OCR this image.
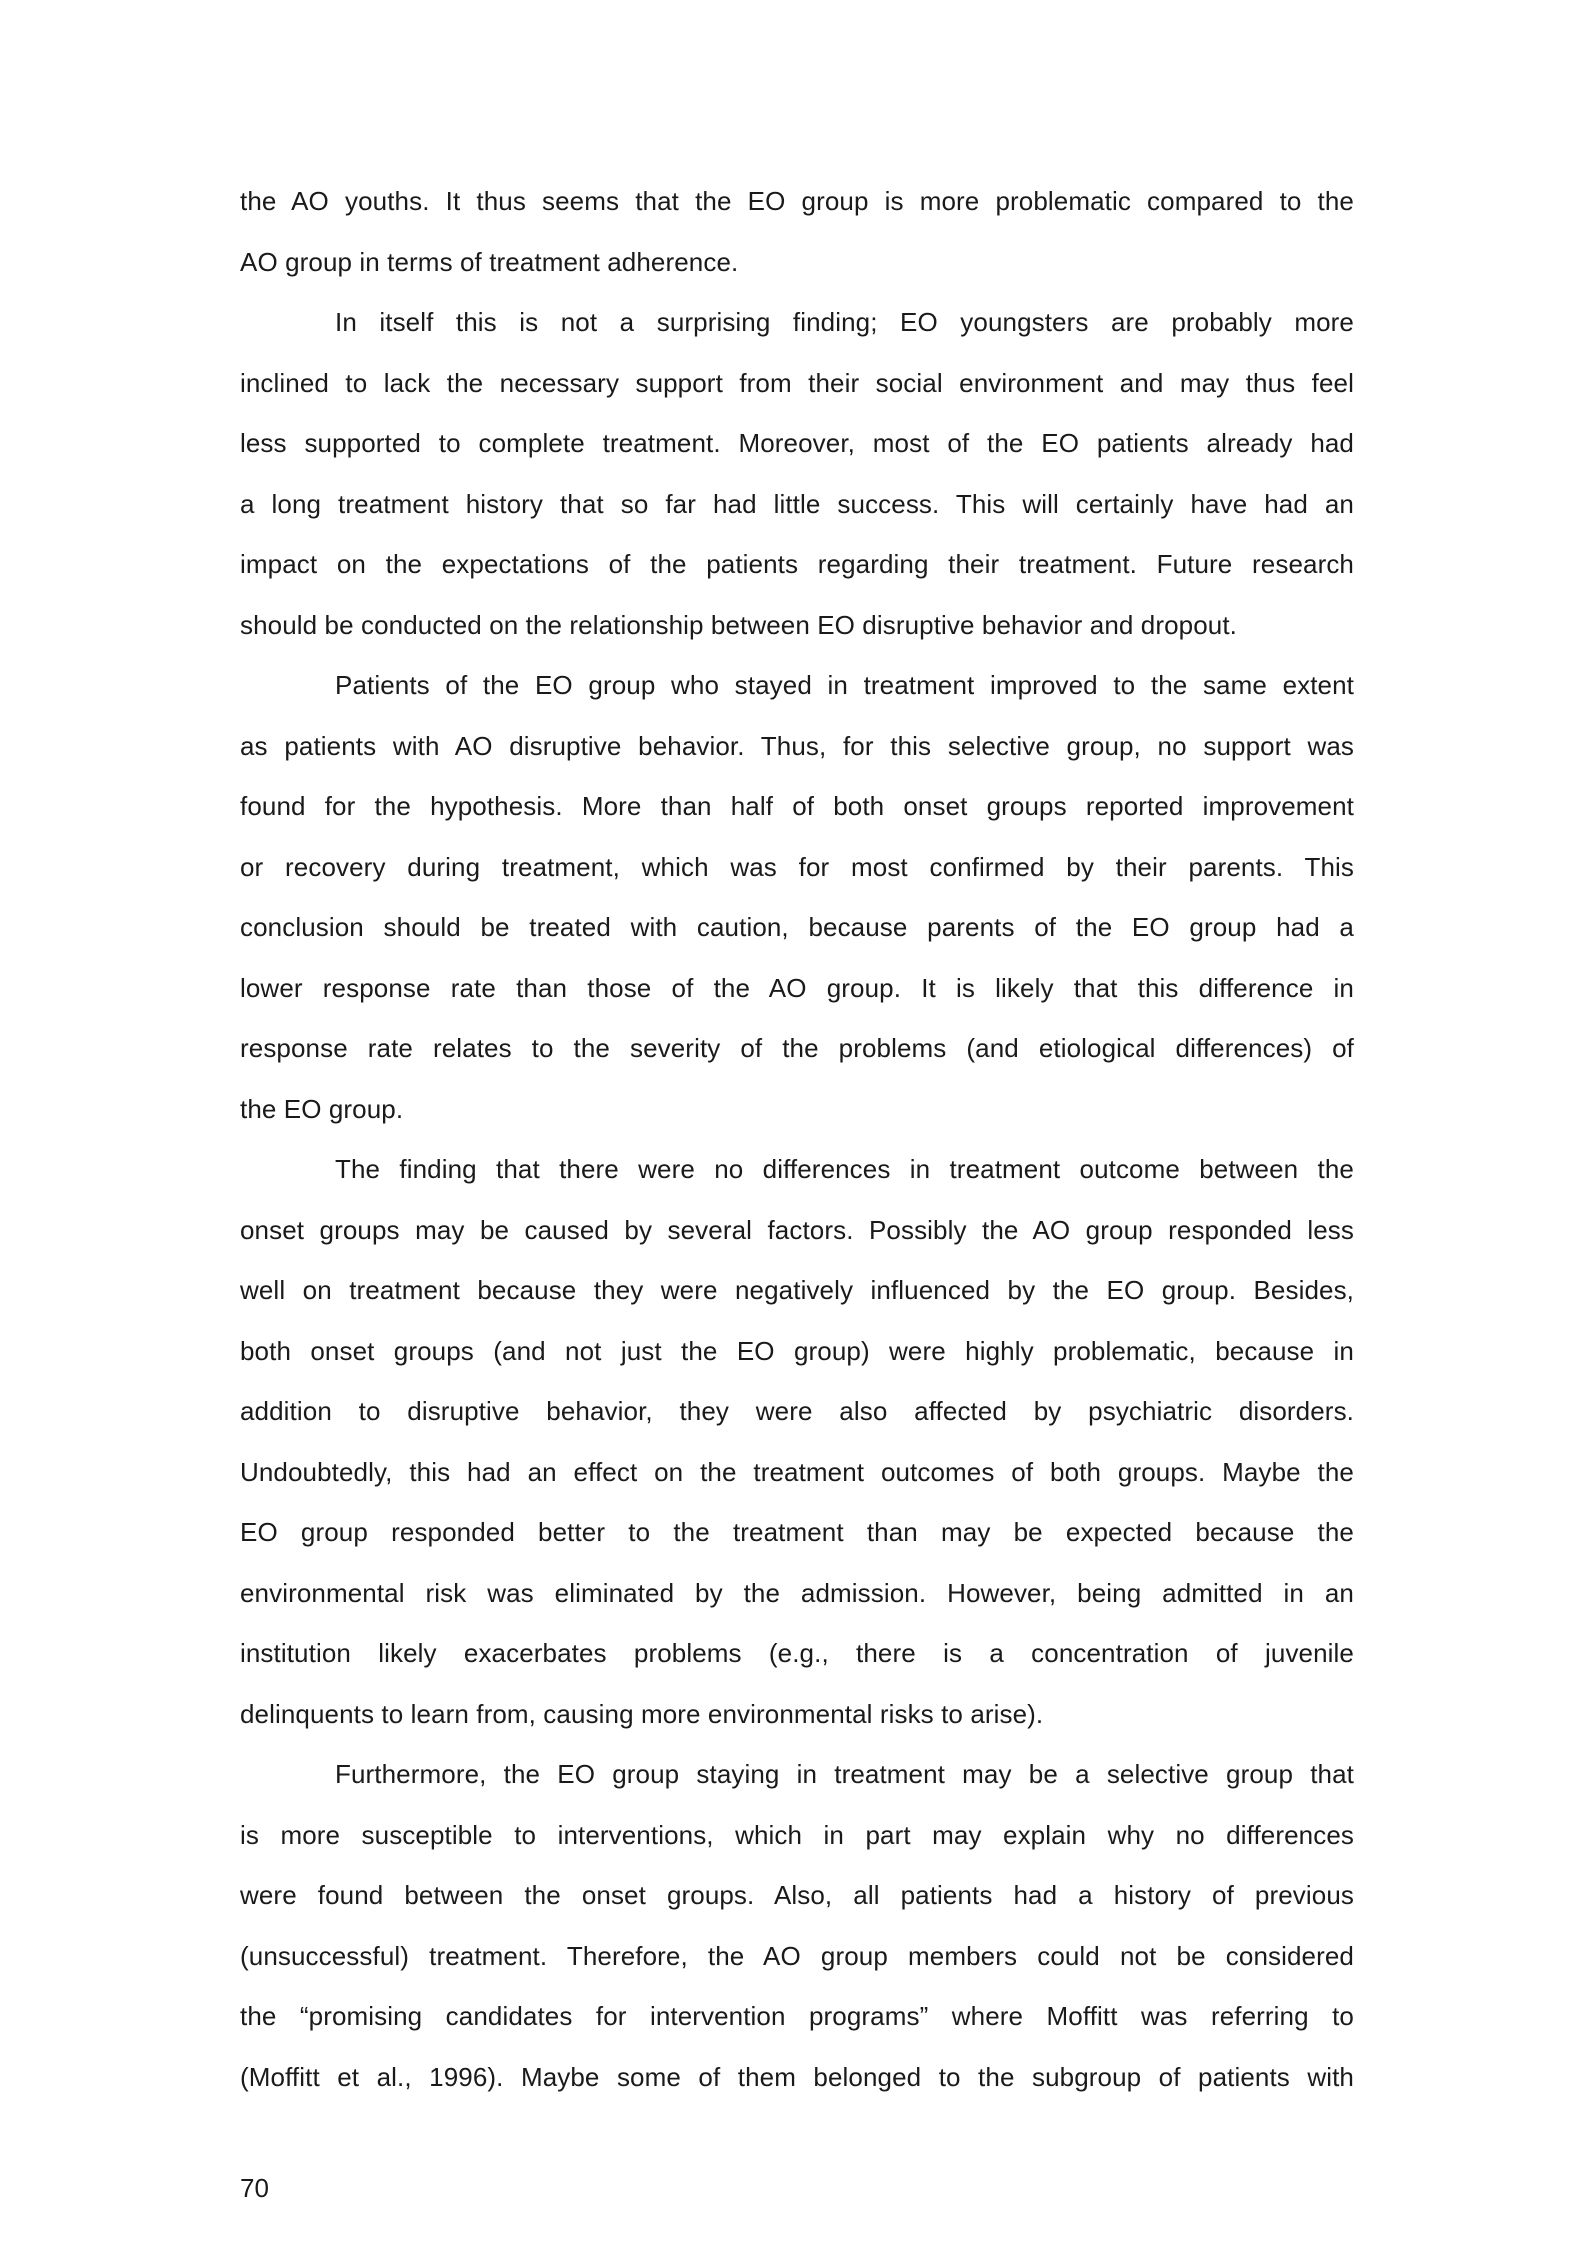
the AO youths. It thus seems that the EO group is more problematic compared to the
AO group in terms of treatment adherence.
In itself this is not a surprising finding; EO youngsters are probably more
inclined to lack the necessary support from their social environment and may thus feel
less supported to complete treatment. Moreover, most of the EO patients already had
a long treatment history that so far had little success. This will certainly have had an
impact on the expectations of the patients regarding their treatment. Future research
should be conducted on the relationship between EO disruptive behavior and dropout.
Patients of the EO group who stayed in treatment improved to the same extent
as patients with AO disruptive behavior. Thus, for this selective group, no support was
found for the hypothesis. More than half of both onset groups reported improvement
or recovery during treatment, which was for most confirmed by their parents. This
conclusion should be treated with caution, because parents of the EO group had a
lower response rate than those of the AO group. It is likely that this difference in
response rate relates to the severity of the problems (and etiological differences) of
the EO group.
The finding that there were no differences in treatment outcome between the
onset groups may be caused by several factors. Possibly the AO group responded less
well on treatment because they were negatively influenced by the EO group. Besides,
both onset groups (and not just the EO group) were highly problematic, because in
addition to disruptive behavior, they were also affected by psychiatric disorders.
Undoubtedly, this had an effect on the treatment outcomes of both groups. Maybe the
EO group responded better to the treatment than may be expected because the
environmental risk was eliminated by the admission. However, being admitted in an
institution likely exacerbates problems (e.g., there is a concentration of juvenile
delinquents to learn from, causing more environmental risks to arise).
Furthermore, the EO group staying in treatment may be a selective group that
is more susceptible to interventions, which in part may explain why no differences
were found between the onset groups. Also, all patients had a history of previous
(unsuccessful) treatment. Therefore, the AO group members could not be considered
the “promising candidates for intervention programs” where Moffitt was referring to
(Moffitt et al., 1996). Maybe some of them belonged to the subgroup of patients with
70
